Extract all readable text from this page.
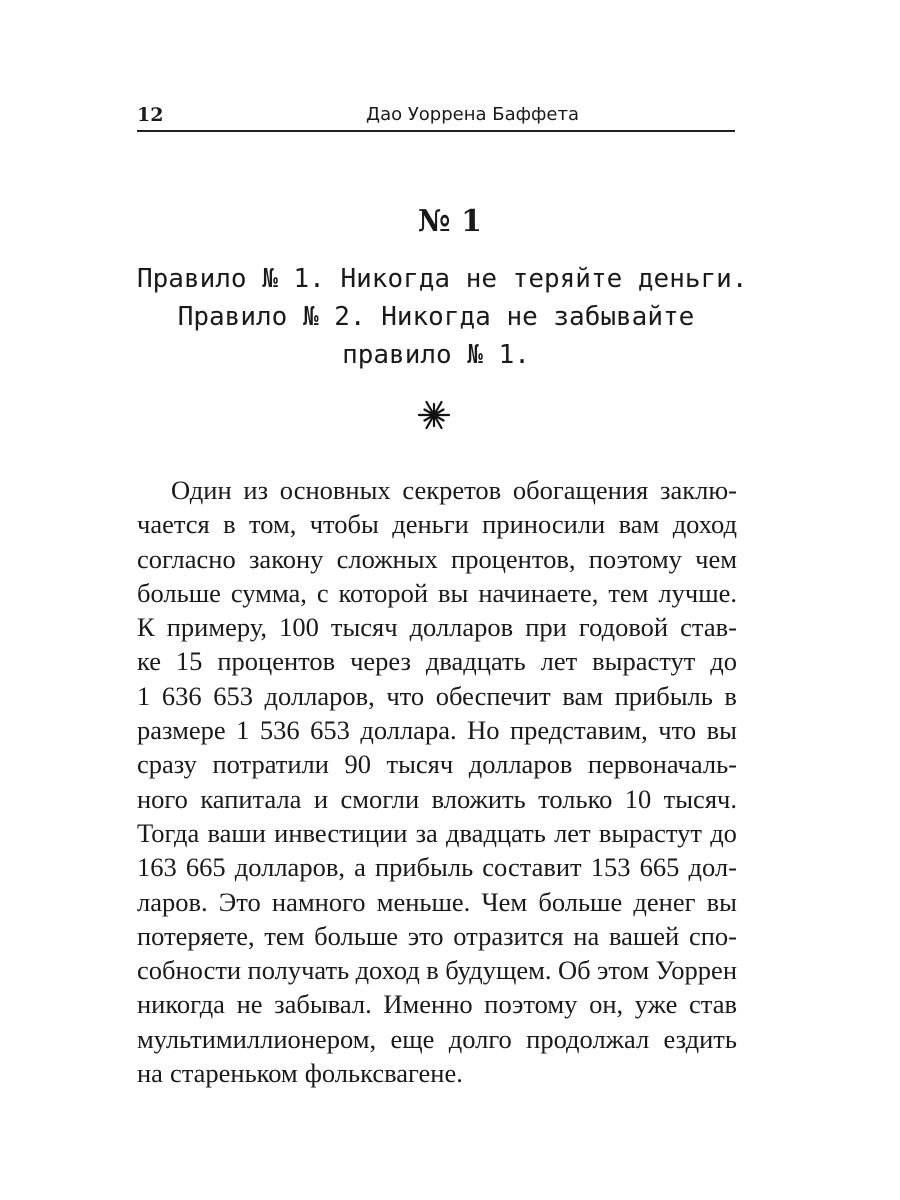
12	Дао Уоррена Баффета
№ 1
Правило № 1. Никогда не теряйте деньги.
Правило № 2. Никогда не забывайте
правило № 1.
Один из основных секретов обогащения заклю-
чается в том, чтобы деньги приносили вам доход
согласно закону сложных процентов, поэтому чем
больше сумма, с которой вы начинаете, тем лучше.
К примеру, 100 тысяч долларов при годовой став-
ке 15 процентов через двадцать лет вырастут до
1 636 653 долларов, что обеспечит вам прибыль в
размере 1 536 653 доллара. Но представим, что вы
сразу потратили 90 тысяч долларов первоначаль-
ного капитала и смогли вложить только 10 тысяч.
Тогда ваши инвестиции за двадцать лет вырастут до
163 665 долларов, а прибыль составит 153 665 дол-
ларов. Это намного меньше. Чем больше денег вы
потеряете, тем больше это отразится на вашей спо-
собности получать доход в будущем. Об этом Уоррен
никогда не забывал. Именно поэтому он, уже став
мультимиллионером, еще долго продолжал ездить
на стареньком фольксвагене.
